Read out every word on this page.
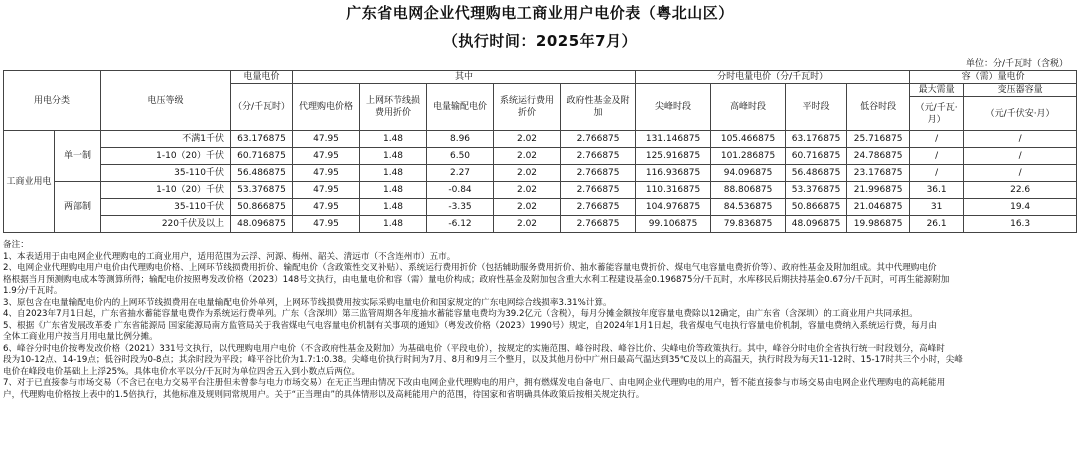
广东省电网企业代理购电工商业用户电价表（粤北山区）
（执行时间：2025年7月）
单位：分/千瓦时（含税）
用电分类		电压等级	电量电价	其中					分时电量电价（分/千瓦时）				容（需）量电价	
			（分/千瓦时）	代理购电价格	上网环节线损费用折价	电量输配电价	系统运行费用折价	政府性基金及附加	尖峰时段	高峰时段	平时段	低谷时段	最大需量	变压器容量
													（元/千瓦·月）	（元/千伏安·月）
工商业用电	单一制	不满1千伏	63.176875	47.95	1.48	8.96	2.02	2.766875	131.146875	105.466875	63.176875	25.716875	/	/
		1-10（20）千伏	60.716875	47.95	1.48	6.50	2.02	2.766875	125.916875	101.286875	60.716875	24.786875	/	/
		35-110千伏	56.486875	47.95	1.48	2.27	2.02	2.766875	116.936875	94.096875	56.486875	23.176875	/	/
	两部制	1-10（20）千伏	53.376875	47.95	1.48	-0.84	2.02	2.766875	110.316875	88.806875	53.376875	21.996875	36.1	22.6
		35-110千伏	50.866875	47.95	1.48	-3.35	2.02	2.766875	104.976875	84.536875	50.866875	21.046875	31	19.4
		220千伏及以上	48.096875	47.95	1.48	-6.12	2.02	2.766875	99.106875	79.836875	48.096875	19.986875	26.1	16.3
备注：
1、本表适用于由电网企业代理购电的工商业用户，适用范围为云浮、河源、梅州、韶关、清远市（不含连州市）五市。
2、电网企业代理购电用户电价由代理购电价格、上网环节线损费用折价、输配电价（含政策性交叉补贴）、系统运行费用折价（包括辅助服务费用折价、抽水蓄能容量电费折价、煤电气电容量电费折价等）、政府性基金及附加组成。其中代理购电价
格根据当月预测购电成本等测算所得；输配电价按照粤发改价格（2023）148号文执行，由电量电价和容（需）量电价构成；政府性基金及附加包含重大水利工程建设基金0.196875分/千瓦时，水库移民后期扶持基金0.67分/千瓦时，可再生能源附加
1.9分/千瓦时。
3、原包含在电量输配电价内的上网环节线损费用在电量输配电价外单列，上网环节线损费用按实际采购电量电价和国家规定的广东电网综合线损率3.31%计算。
4、自2023年7月1日起，广东省抽水蓄能容量电费作为系统运行费单列。广东（含深圳）第三监管周期各年度抽水蓄能容量电费均为39.2亿元（含税），每月分摊金额按年度容量电费除以12确定，由广东省（含深圳）的工商业用户共同承担。
5、根据《广东省发展改革委 广东省能源局 国家能源局南方监管局关于我省煤电气电容量电价机制有关事项的通知》（粤发改价格（2023）1990号）规定，自2024年1月1日起，我省煤电气电执行容量电价机制，容量电费纳入系统运行费，每月由
全体工商业用户按当月用电量比例分摊。
6、峰谷分时电价按粤发改价格（2021）331号文执行，以代理购电用户电价（不含政府性基金及附加）为基础电价（平段电价），按规定的实施范围、峰谷时段、峰谷比价、尖峰电价等政策执行。其中，峰谷分时电价全省执行统一时段划分，高峰时
段为10-12点、14-19点；低谷时段为0-8点；其余时段为平段；峰平谷比价为1.7:1:0.38。尖峰电价执行时间为7月、8月和9月三个整月，以及其他月份中广州日最高气温达到35℃及以上的高温天，执行时段为每天11-12时、15-17时共三个小时，尖峰
电价在峰段电价基础上上浮25%。具体电价水平以分/千瓦时为单位四舍五入到小数点后两位。
7、对于已直接参与市场交易（不含已在电力交易平台注册但未曾参与电力市场交易）在无正当理由情况下改由电网企业代理购电的用户，拥有燃煤发电自备电厂、由电网企业代理购电的用户，暂不能直接参与市场交易由电网企业代理购电的高耗能用
户，代理购电价格按上表中的1.5倍执行，其他标准及规则同常规用户。关于“正当理由”的具体情形以及高耗能用户的范围，待国家和省明确具体政策后按相关规定执行。
